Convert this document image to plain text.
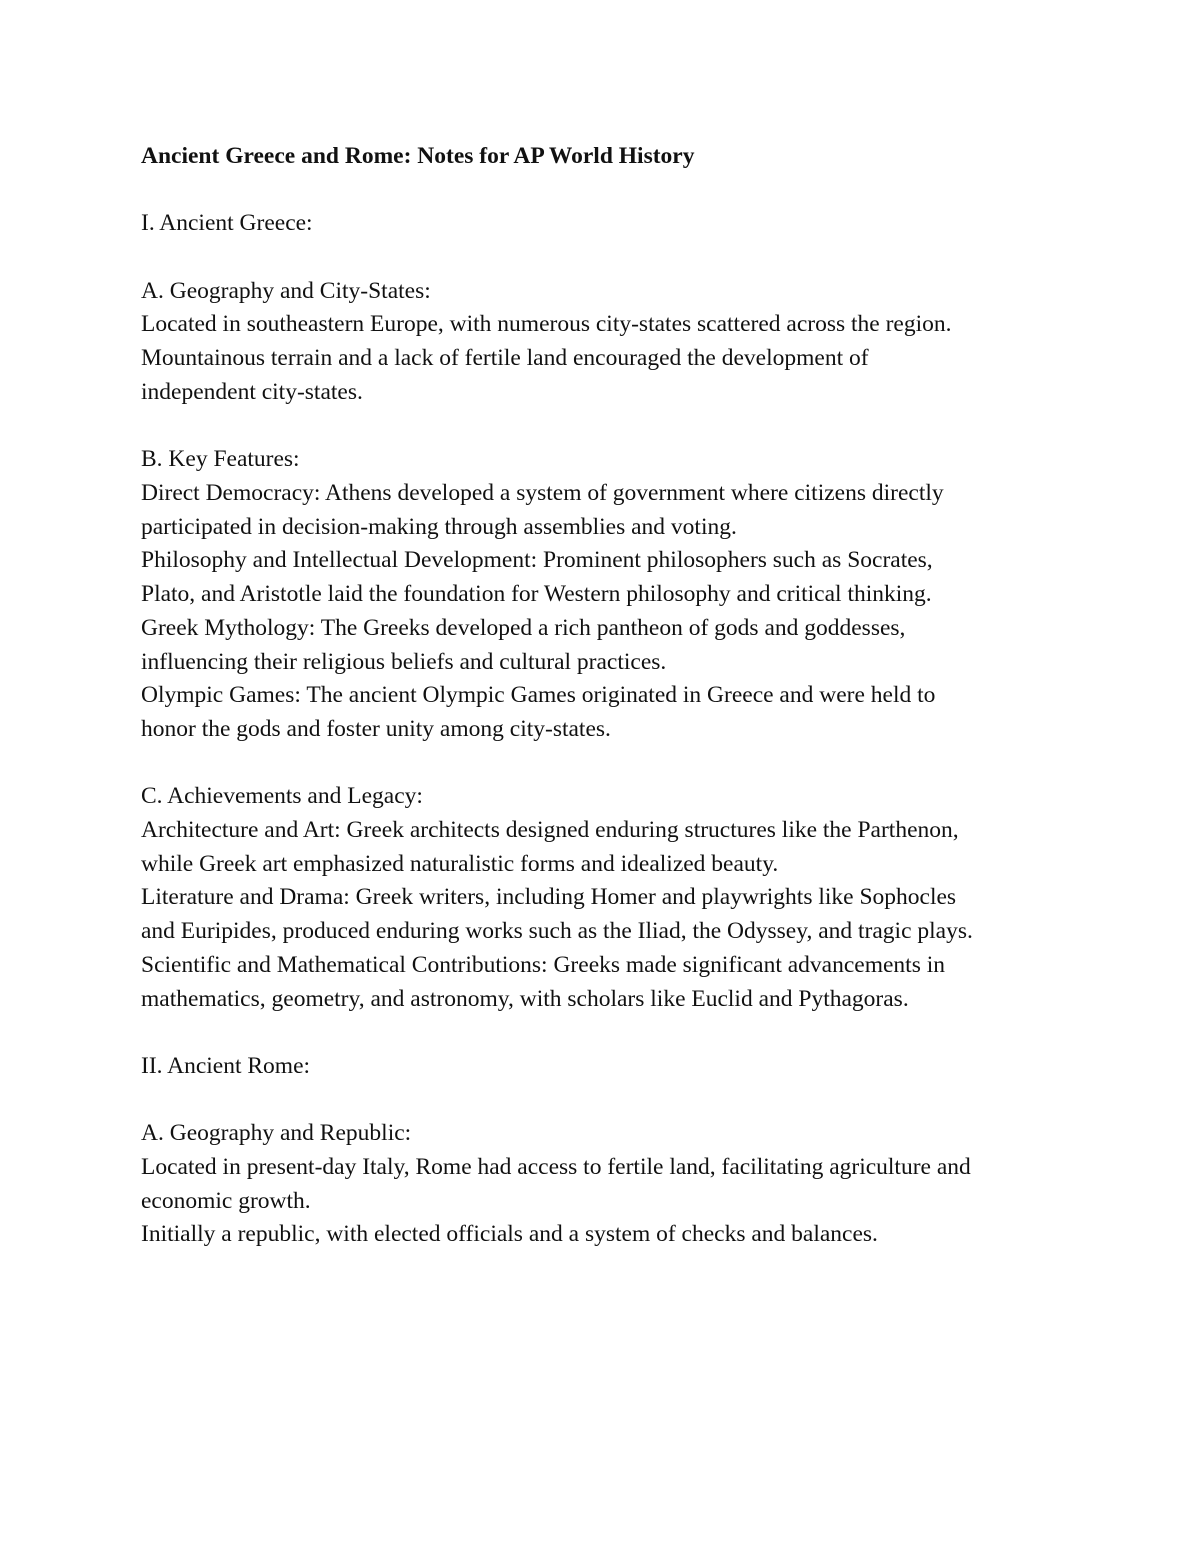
Ancient Greece and Rome: Notes for AP World History
I. Ancient Greece:
A. Geography and City-States:
Located in southeastern Europe, with numerous city-states scattered across the region.
Mountainous terrain and a lack of fertile land encouraged the development of
independent city-states.
B. Key Features:
Direct Democracy: Athens developed a system of government where citizens directly
participated in decision-making through assemblies and voting.
Philosophy and Intellectual Development: Prominent philosophers such as Socrates,
Plato, and Aristotle laid the foundation for Western philosophy and critical thinking.
Greek Mythology: The Greeks developed a rich pantheon of gods and goddesses,
influencing their religious beliefs and cultural practices.
Olympic Games: The ancient Olympic Games originated in Greece and were held to
honor the gods and foster unity among city-states.
C. Achievements and Legacy:
Architecture and Art: Greek architects designed enduring structures like the Parthenon,
while Greek art emphasized naturalistic forms and idealized beauty.
Literature and Drama: Greek writers, including Homer and playwrights like Sophocles
and Euripides, produced enduring works such as the Iliad, the Odyssey, and tragic plays.
Scientific and Mathematical Contributions: Greeks made significant advancements in
mathematics, geometry, and astronomy, with scholars like Euclid and Pythagoras.
II. Ancient Rome:
A. Geography and Republic:
Located in present-day Italy, Rome had access to fertile land, facilitating agriculture and
economic growth.
Initially a republic, with elected officials and a system of checks and balances.
